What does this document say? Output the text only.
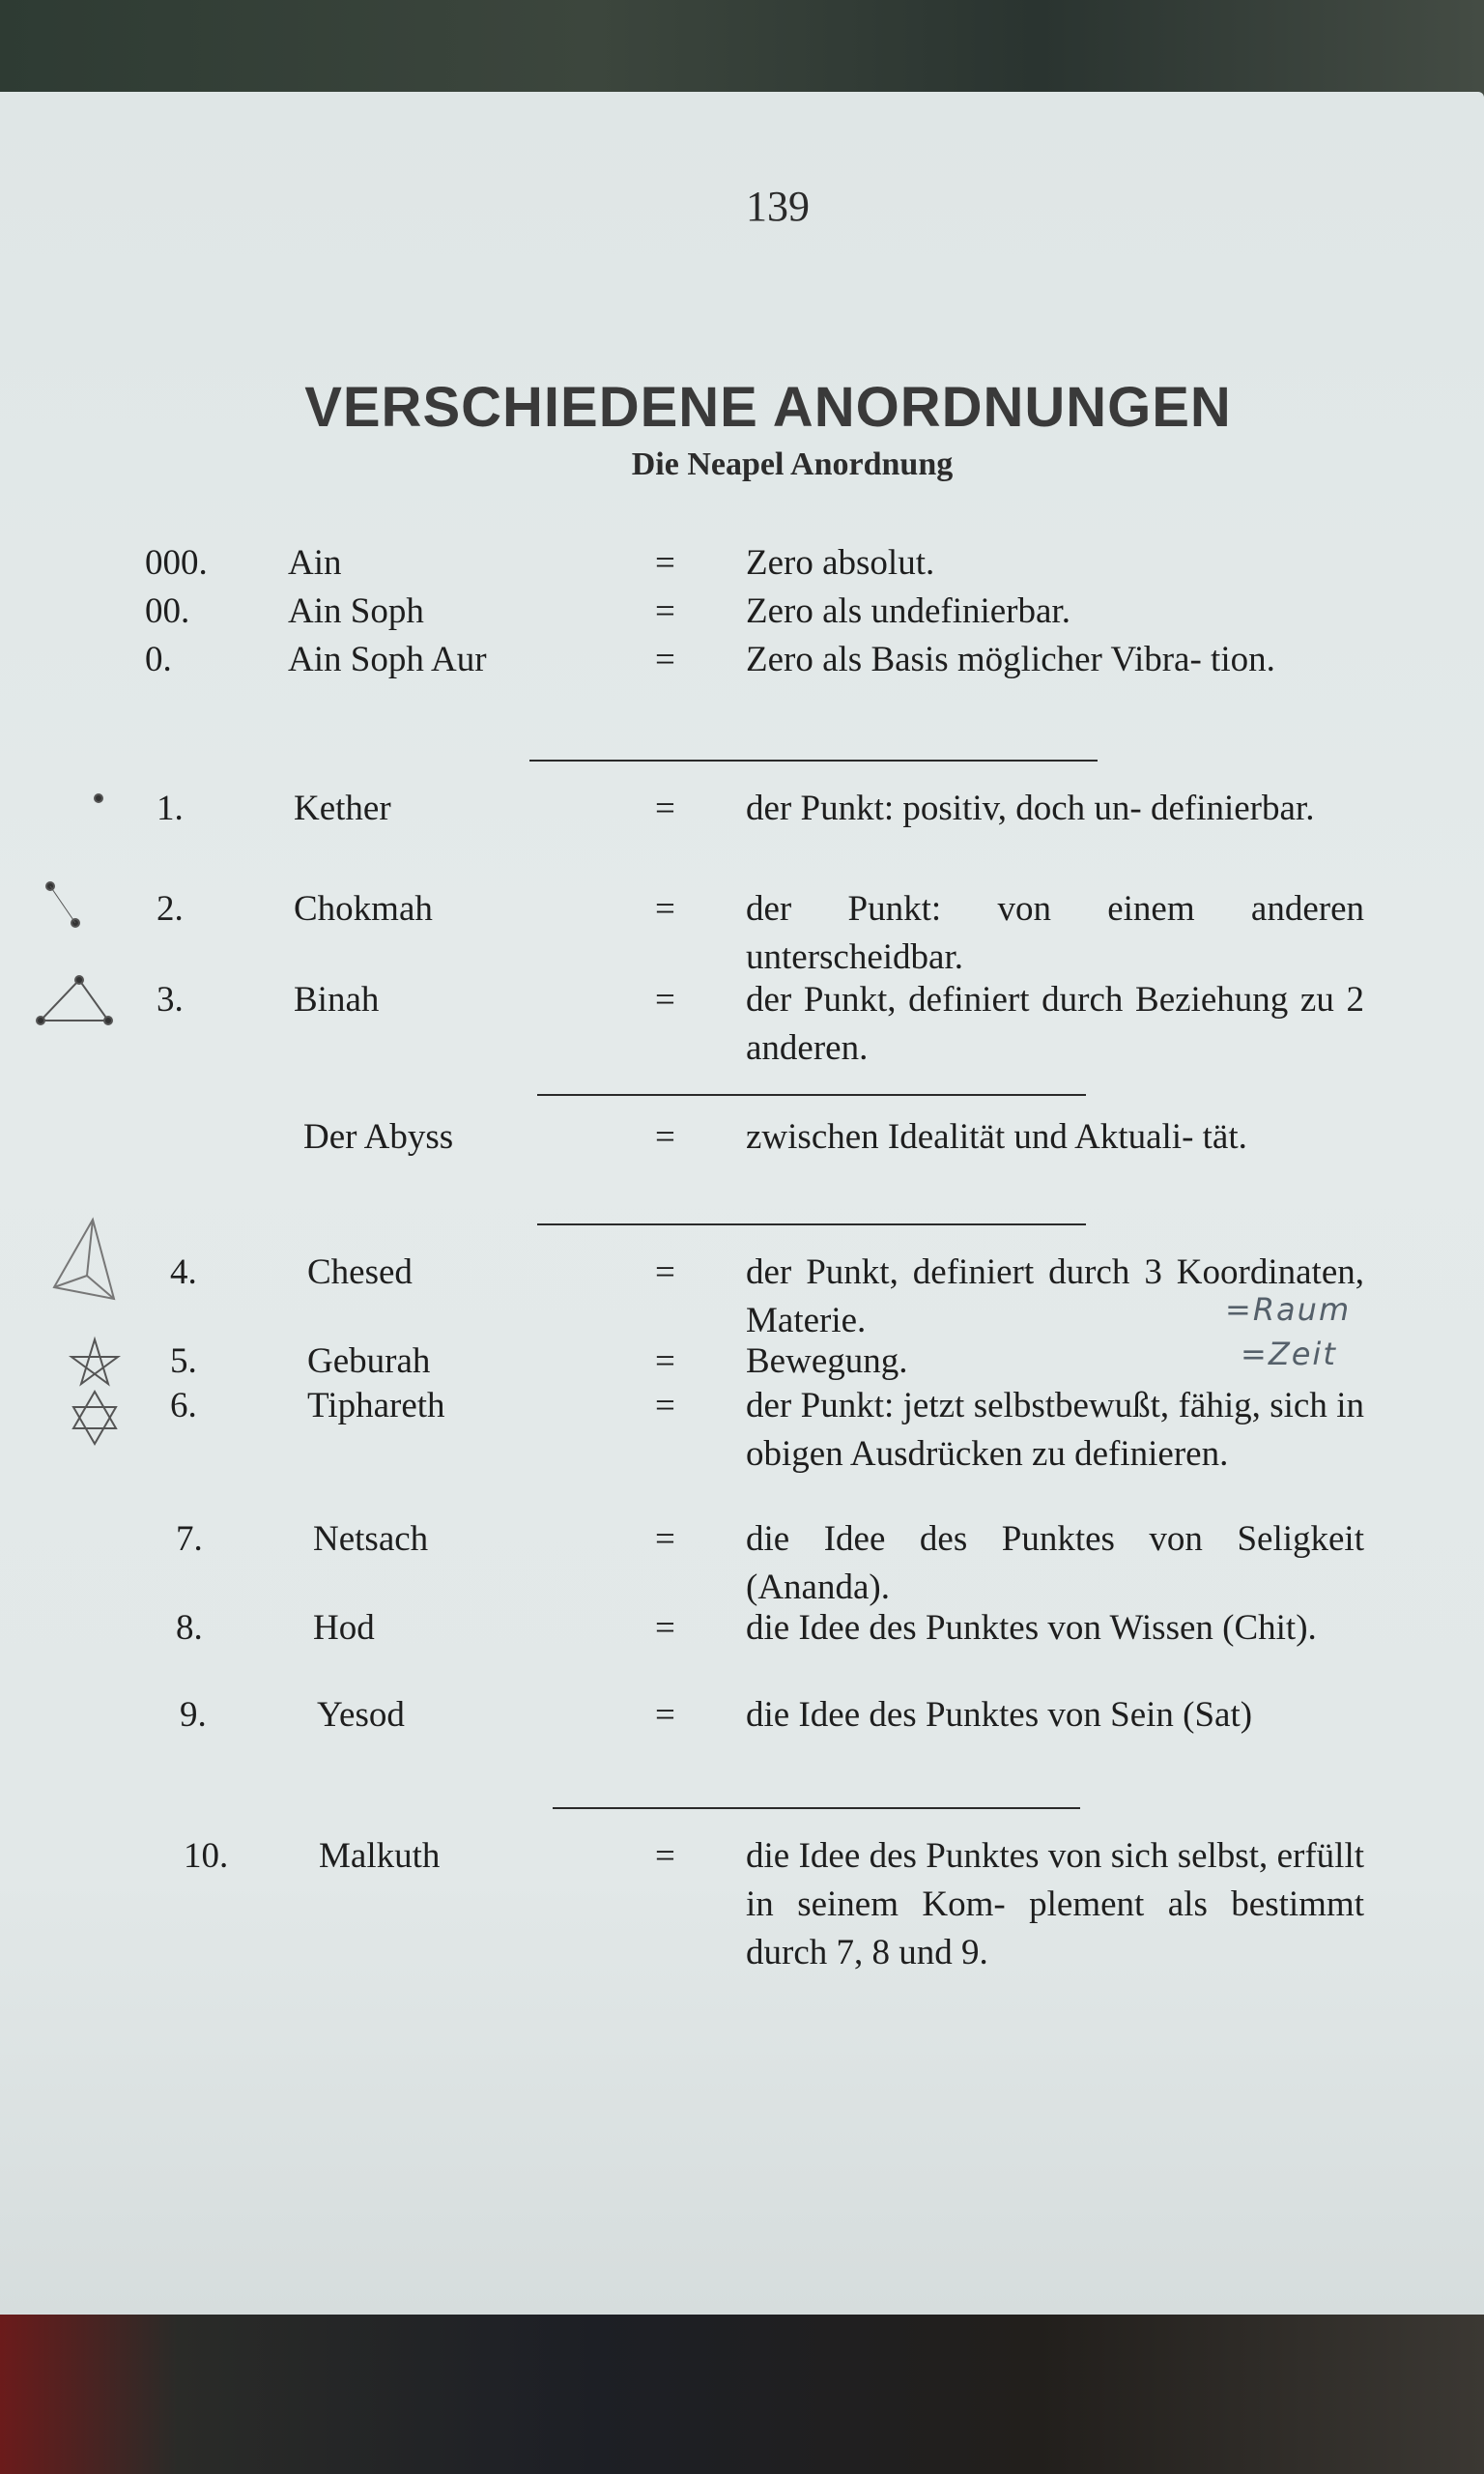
139
VERSCHIEDENE ANORDNUNGEN
Die Neapel Anordnung
000. Ain	= Zero absolut.
00.	Ain Soph	= Zero als undefinierbar.
0.	Ain Soph Aur	= Zero als Basis möglicher Vibra- tion.
1.	Kether	= der Punkt: positiv, doch un- definierbar.
2.	Chokmah	= der Punkt: von einem anderen unterscheidbar.
3.	Binah	= der Punkt, definiert durch Beziehung zu 2 anderen.
Der Abyss	= zwischen Idealität und Aktuali- tät.
4.	Chesed	= der Punkt, definiert durch 3 Koordinaten, Materie.
5.	Geburah	= Bewegung.
6.	Tiphareth	= der Punkt: jetzt selbstbewußt, fähig, sich in obigen Ausdrücken zu definieren.
7.	Netsach	= die Idee des Punktes von Seligkeit (Ananda).
8.	Hod	= die Idee des Punktes von Wissen (Chit).
9.	Yesod	= die Idee des Punktes von Sein (Sat)
10.	Malkuth	= die Idee des Punktes von sich selbst, erfüllt in seinem Kom- plement als bestimmt durch 7, 8 und 9.
=Raum
=Zeit
